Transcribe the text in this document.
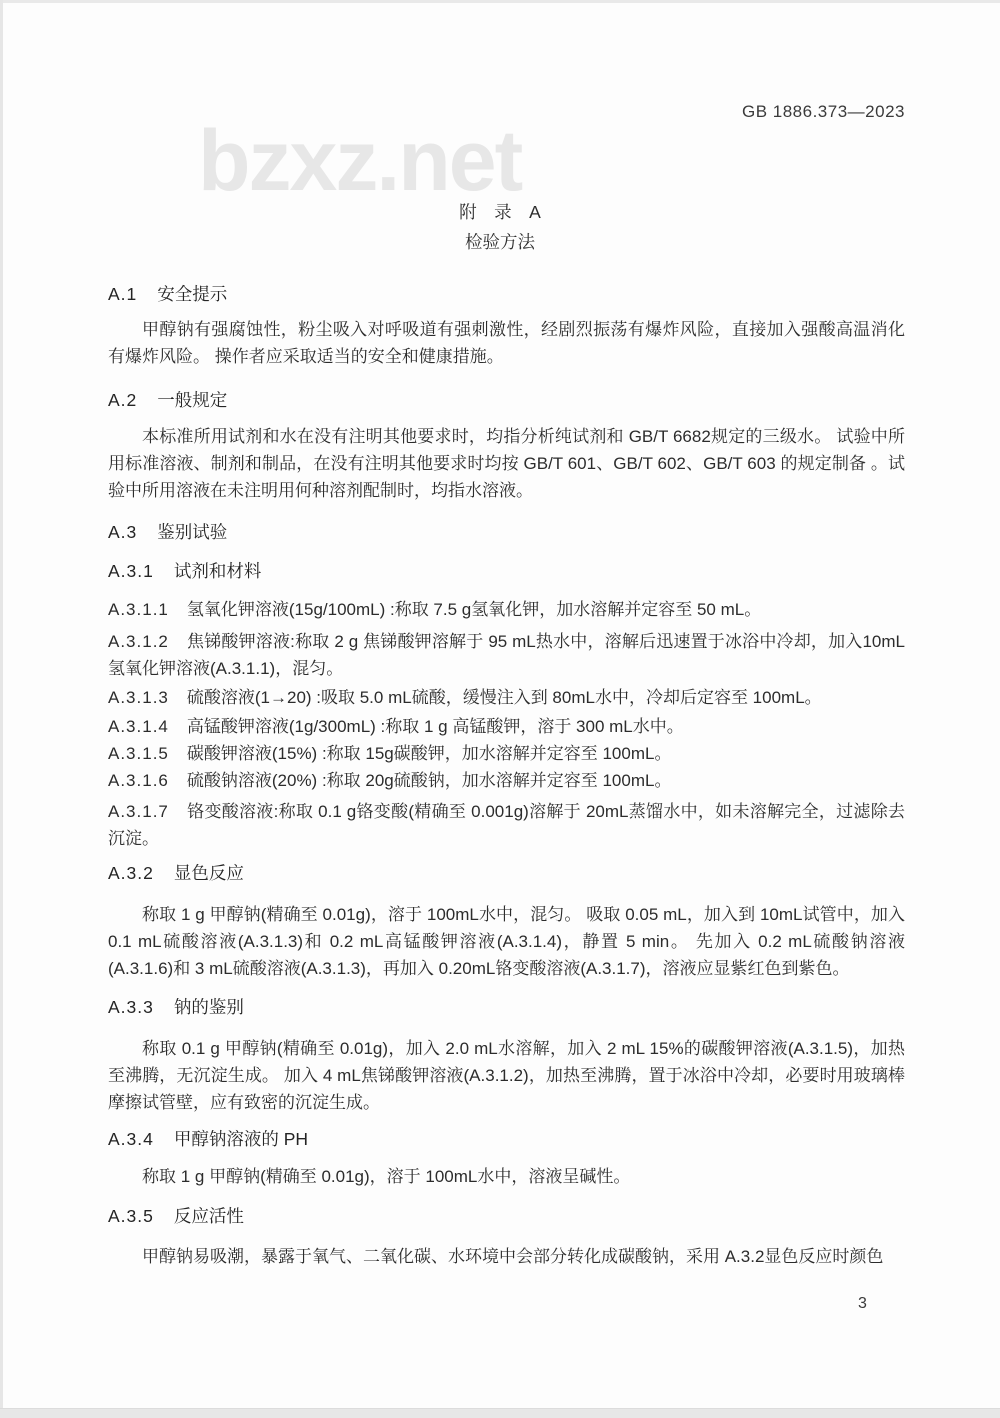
GB 1886.373—2023
bzxz.net
附　录　A
检验方法
A.1 安全提示

甲醇钠有强腐蚀性，粉尘吸入对呼吸道有强刺激性，经剧烈振荡有爆炸风险，直接加入强酸高温消化有爆炸风险。 操作者应采取适当的安全和健康措施。

A.2 一般规定

本标准所用试剂和水在没有注明其他要求时，均指分析纯试剂和 GB/T 6682规定的三级水。 试验中所用标准溶液、制剂和制品，在没有注明其他要求时均按 GB/T 601、GB/T 602、GB/T 603 的规定制备 。试验中所用溶液在未注明用何种溶剂配制时，均指水溶液。

A.3 鉴别试验
A.3.1 试剂和材料

A.3.1.1 氢氧化钾溶液(15g/100mL) :称取 7.5 g氢氧化钾，加水溶解并定容至 50 mL。

A.3.1.2 焦锑酸钾溶液:称取 2 g 焦锑酸钾溶解于 95 mL热水中，溶解后迅速置于冰浴中冷却，加入10mL氢氧化钾溶液(A.3.1.1)，混匀。

A.3.1.3 硫酸溶液(1→20) :吸取 5.0 mL硫酸，缓慢注入到 80mL水中，冷却后定容至 100mL。

A.3.1.4 高锰酸钾溶液(1g/300mL) :称取 1 g 高锰酸钾，溶于 300 mL水中。

A.3.1.5 碳酸钾溶液(15%) :称取 15g碳酸钾，加水溶解并定容至 100mL。

A.3.1.6 硫酸钠溶液(20%) :称取 20g硫酸钠，加水溶解并定容至 100mL。

A.3.1.7 铬变酸溶液:称取 0.1 g铬变酸(精确至 0.001g)溶解于 20mL蒸馏水中，如未溶解完全，过滤除去沉淀。

A.3.2 显色反应

称取 1 g 甲醇钠(精确至 0.01g)，溶于 100mL水中，混匀。 吸取 0.05 mL，加入到 10mL试管中，加入 0.1 mL硫酸溶液(A.3.1.3)和 0.2 mL高锰酸钾溶液(A.3.1.4)，静置 5 min。 先加入 0.2 mL硫酸钠溶液(A.3.1.6)和 3 mL硫酸溶液(A.3.1.3)，再加入 0.20mL铬变酸溶液(A.3.1.7)，溶液应显紫红色到紫色。

A.3.3 钠的鉴别

称取 0.1 g 甲醇钠(精确至 0.01g)，加入 2.0 mL水溶解，加入 2 mL 15%的碳酸钾溶液(A.3.1.5)，加热至沸腾，无沉淀生成。 加入 4 mL焦锑酸钾溶液(A.3.1.2)，加热至沸腾，置于冰浴中冷却，必要时用玻璃棒摩擦试管壁，应有致密的沉淀生成。

A.3.4 甲醇钠溶液的 PH

称取 1 g 甲醇钠(精确至 0.01g)，溶于 100mL水中，溶液呈碱性。

A.3.5 反应活性

甲醇钠易吸潮，暴露于氧气、二氧化碳、水环境中会部分转化成碳酸钠，采用 A.3.2显色反应时颜色

3
